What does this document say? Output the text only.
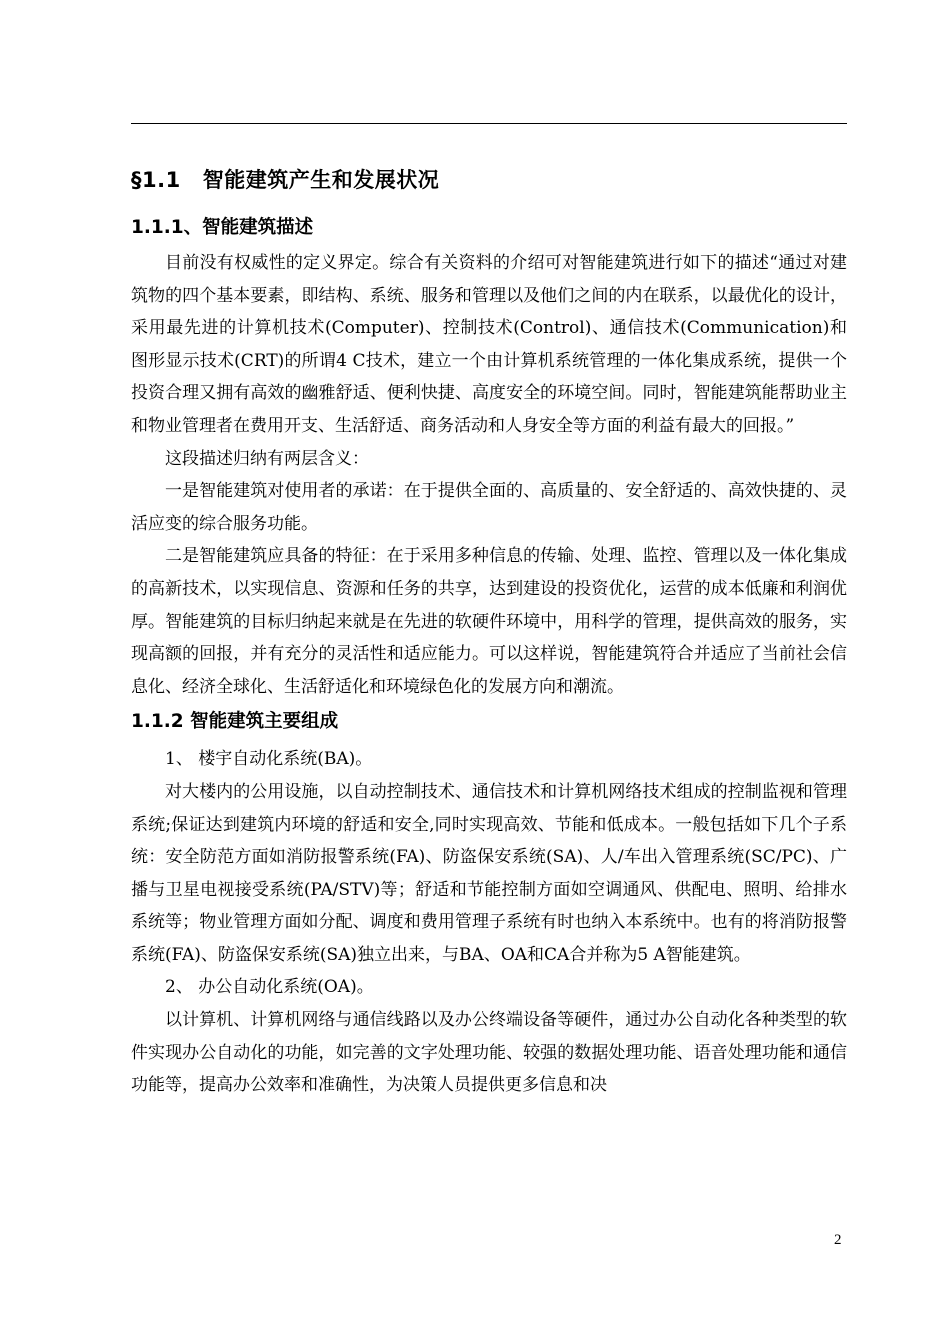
§1.1 智能建筑产生和发展状况
1.1.1、智能建筑描述

目前没有权威性的定义界定。综合有关资料的介绍可对智能建筑进行如下的描述“通过对建筑物的四个基本要素，即结构、系统、服务和管理以及他们之间的内在联系，以最优化的设计，采用最先进的计算机技术(Computer)、控制技术(Control)、通信技术(Communication)和图形显示技术(CRT)的所谓4 C技术，建立一个由计算机系统管理的一体化集成系统，提供一个投资合理又拥有高效的幽雅舒适、便利快捷、高度安全的环境空间。同时，智能建筑能帮助业主和物业管理者在费用开支、生活舒适、商务活动和人身安全等方面的利益有最大的回报。”

这段描述归纳有两层含义：

一是智能建筑对使用者的承诺：在于提供全面的、高质量的、安全舒适的、高效快捷的、灵活应变的综合服务功能。

二是智能建筑应具备的特征：在于采用多种信息的传输、处理、监控、管理以及一体化集成的高新技术，以实现信息、资源和任务的共享，达到建设的投资优化，运营的成本低廉和利润优厚。智能建筑的目标归纳起来就是在先进的软硬件环境中，用科学的管理，提供高效的服务，实现高额的回报，并有充分的灵活性和适应能力。可以这样说，智能建筑符合并适应了当前社会信息化、经济全球化、生活舒适化和环境绿色化的发展方向和潮流。

1.1.2 智能建筑主要组成

1、 楼宇自动化系统(BA)。

对大楼内的公用设施，以自动控制技术、通信技术和计算机网络技术组成的控制监视和管理系统;保证达到建筑内环境的舒适和安全,同时实现高效、节能和低成本。一般包括如下几个子系统：安全防范方面如消防报警系统(FA)、防盗保安系统(SA)、人/车出入管理系统(SC/PC)、广播与卫星电视接受系统(PA/STV)等；舒适和节能控制方面如空调通风、供配电、照明、给排水系统等；物业管理方面如分配、调度和费用管理子系统有时也纳入本系统中。也有的将消防报警系统(FA)、防盗保安系统(SA)独立出来，与BA、OA和CA合并称为5 A智能建筑。

2、 办公自动化系统(OA)。

以计算机、计算机网络与通信线路以及办公终端设备等硬件，通过办公自动化各种类型的软件实现办公自动化的功能，如完善的文字处理功能、较强的数据处理功能、语音处理功能和通信功能等，提高办公效率和准确性，为决策人员提供更多信息和决

2
